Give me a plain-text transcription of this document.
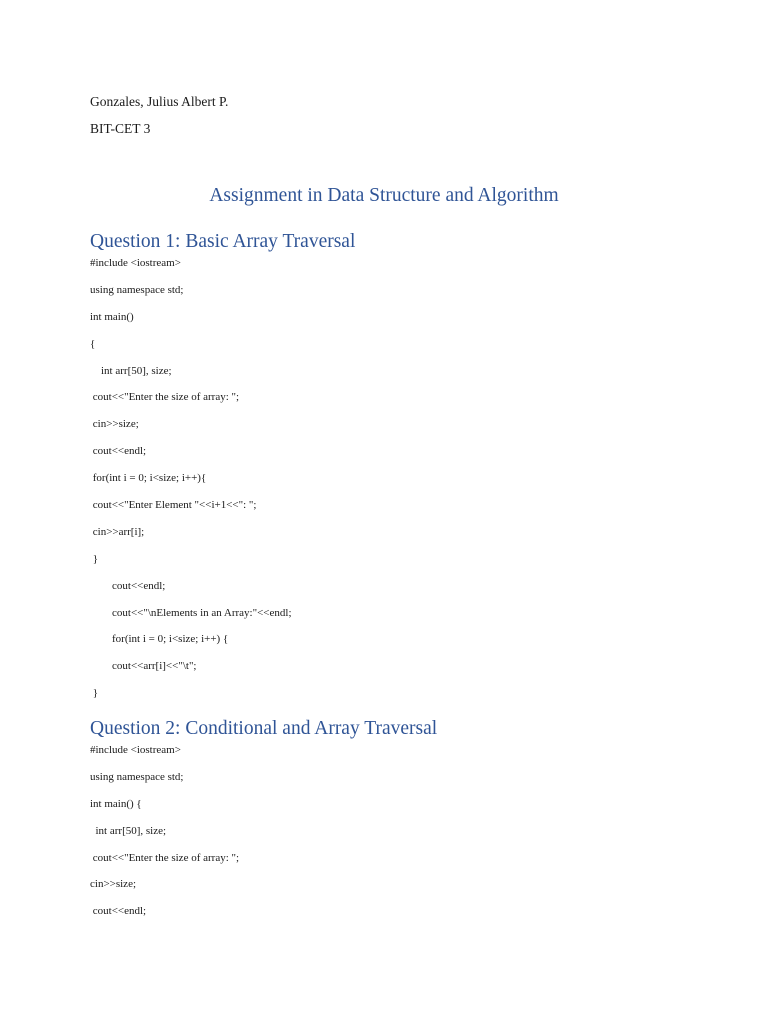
Gonzales, Julius Albert P.
BIT-CET 3
Assignment in Data Structure and Algorithm
Question 1: Basic Array Traversal
#include <iostream>
using namespace std;
int main()
{
int arr[50], size;
cout<<"Enter the size of array: ";
cin>>size;
cout<<endl;
for(int i = 0; i<size; i++){
cout<<"Enter Element "<<i+1<<": ";
cin>>arr[i];
}
cout<<endl;
cout<<"\nElements in an Array:"<<endl;
for(int i = 0; i<size; i++) {
cout<<arr[i]<<"\t";
}
Question 2: Conditional and Array Traversal
#include <iostream>
using namespace std;
int main() {
int arr[50], size;
cout<<"Enter the size of array: ";
cin>>size;
cout<<endl;
